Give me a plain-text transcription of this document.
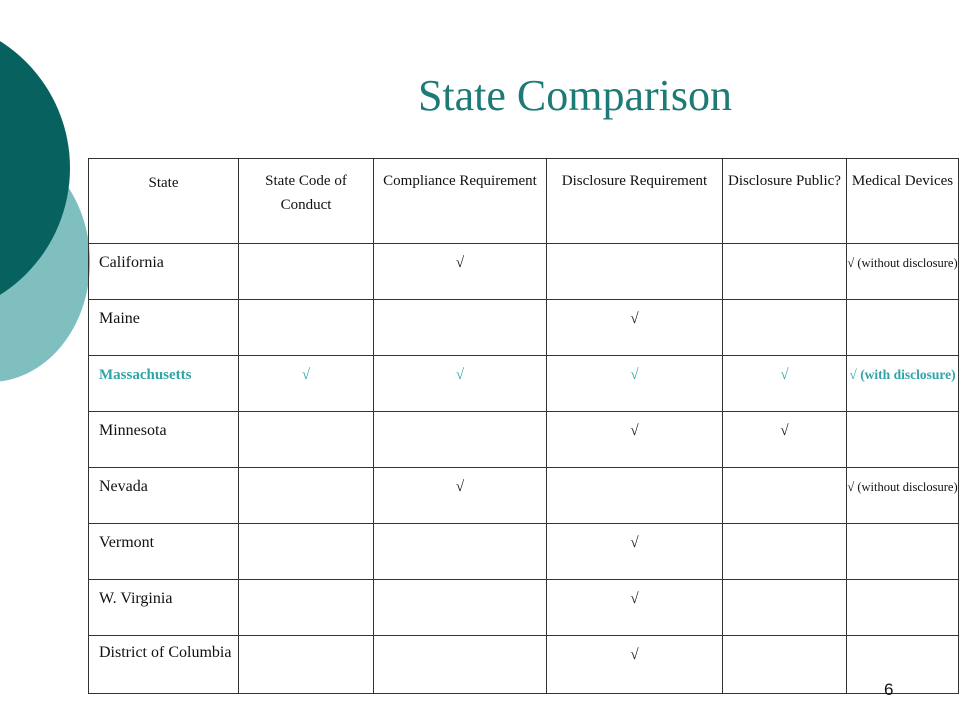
State Comparison
State	State Code of Conduct	Compliance Requirement	Disclosure Requirement	Disclosure Public?	Medical Devices
California		√			√ (without disclosure)

Maine			√		
Massachusetts	√	√	√	√	√ (with disclosure)

Minnesota			√	√	
Nevada		√			√ (without disclosure)

Vermont			√		
W. Virginia			√		
District of Columbia			√		
6
